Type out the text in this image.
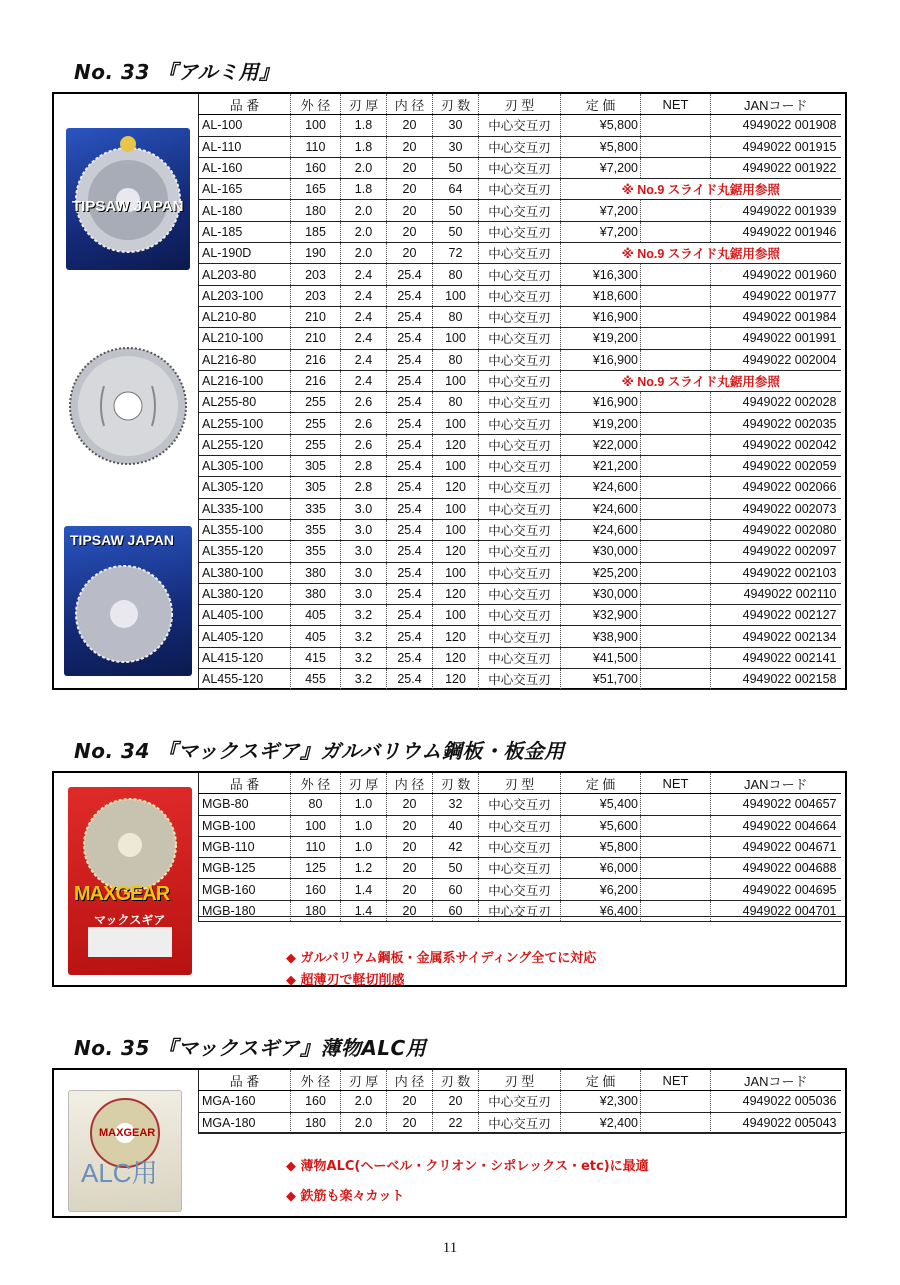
No. 33 『アルミ用』
TIPSAW JAPAN
TIPSAW JAPAN
品 番	外 径	刃 厚	内 径	刃 数	刃 型	定 価	NET	JANコード
AL-100	100	1.8	20	30	中心交互刃	¥5,800		4949022 001908
AL-110	110	1.8	20	30	中心交互刃	¥5,800		4949022 001915
AL-160	160	2.0	20	50	中心交互刃	¥7,200		4949022 001922
AL-165	165	1.8	20	64	中心交互刃	※ No.9 スライド丸鋸用参照		
AL-180	180	2.0	20	50	中心交互刃	¥7,200		4949022 001939
AL-185	185	2.0	20	50	中心交互刃	¥7,200		4949022 001946
AL-190D	190	2.0	20	72	中心交互刃	※ No.9 スライド丸鋸用参照		
AL203-80	203	2.4	25.4	80	中心交互刃	¥16,300		4949022 001960
AL203-100	203	2.4	25.4	100	中心交互刃	¥18,600		4949022 001977
AL210-80	210	2.4	25.4	80	中心交互刃	¥16,900		4949022 001984
AL210-100	210	2.4	25.4	100	中心交互刃	¥19,200		4949022 001991
AL216-80	216	2.4	25.4	80	中心交互刃	¥16,900		4949022 002004
AL216-100	216	2.4	25.4	100	中心交互刃	※ No.9 スライド丸鋸用参照		
AL255-80	255	2.6	25.4	80	中心交互刃	¥16,900		4949022 002028
AL255-100	255	2.6	25.4	100	中心交互刃	¥19,200		4949022 002035
AL255-120	255	2.6	25.4	120	中心交互刃	¥22,000		4949022 002042
AL305-100	305	2.8	25.4	100	中心交互刃	¥21,200		4949022 002059
AL305-120	305	2.8	25.4	120	中心交互刃	¥24,600		4949022 002066
AL335-100	335	3.0	25.4	100	中心交互刃	¥24,600		4949022 002073
AL355-100	355	3.0	25.4	100	中心交互刃	¥24,600		4949022 002080
AL355-120	355	3.0	25.4	120	中心交互刃	¥30,000		4949022 002097
AL380-100	380	3.0	25.4	100	中心交互刃	¥25,200		4949022 002103
AL380-120	380	3.0	25.4	120	中心交互刃	¥30,000		4949022 002110
AL405-100	405	3.2	25.4	100	中心交互刃	¥32,900		4949022 002127
AL405-120	405	3.2	25.4	120	中心交互刃	¥38,900		4949022 002134
AL415-120	415	3.2	25.4	120	中心交互刃	¥41,500		4949022 002141
AL455-120	455	3.2	25.4	120	中心交互刃	¥51,700		4949022 002158
No. 34 『マックスギア』ガルバリウム鋼板・板金用
MAXGEAR
マックスギア
品 番	外 径	刃 厚	内 径	刃 数	刃 型	定 価	NET	JANコード
MGB-80	80	1.0	20	32	中心交互刃	¥5,400		4949022 004657
MGB-100	100	1.0	20	40	中心交互刃	¥5,600		4949022 004664
MGB-110	110	1.0	20	42	中心交互刃	¥5,800		4949022 004671
MGB-125	125	1.2	20	50	中心交互刃	¥6,000		4949022 004688
MGB-160	160	1.4	20	60	中心交互刃	¥6,200		4949022 004695
MGB-180	180	1.4	20	60	中心交互刃	¥6,400		4949022 004701
◆ ガルバリウム鋼板・金属系サイディング全てに対応
◆ 超薄刃で軽切削感
No. 35 『マックスギア』薄物ALC用
MAXGEAR
ALC用
品 番	外 径	刃 厚	内 径	刃 数	刃 型	定 価	NET	JANコード
MGA-160	160	2.0	20	20	中心交互刃	¥2,300		4949022 005036
MGA-180	180	2.0	20	22	中心交互刃	¥2,400		4949022 005043
◆ 薄物ALC(ヘーベル・クリオン・シポレックス・etc)に最適
◆ 鉄筋も楽々カット
11
